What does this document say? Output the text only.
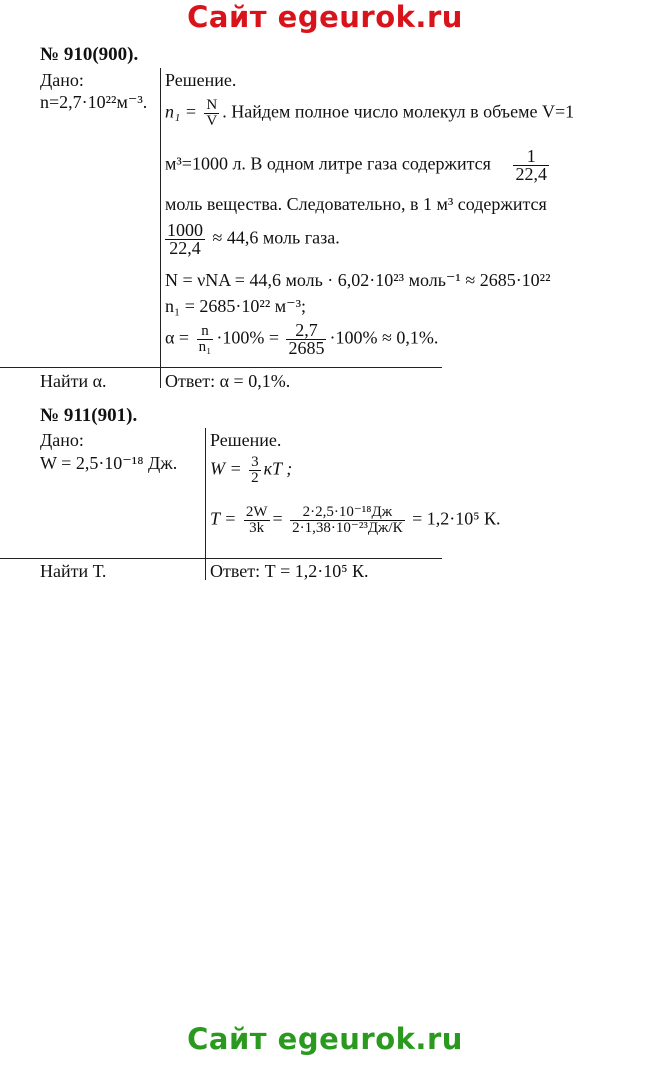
Сайт egeurok.ru
№ 910(900).
Дано:
n=2,7·10²²м⁻³.
Решение.
$n_1 = \frac{N}{V}$ . Найдем полное число молекул в объеме V=1
м³=1000 л. В одном литре газа содержится $\frac{1}{22,4}$
моль вещества. Следовательно, в 1 м³ содержится
$\frac{1000}{22,4} \approx 44,6$ моль газа.
N = νNA = 44,6 моль · 6,02·10²³ моль⁻¹ ≈ 2685·10²²
n₁ = 2685·10²² м⁻³;
$\alpha = \frac{n}{\text{n₁}} \cdot 100\% = \frac{2,7}{2685} \cdot 100\% \approx 0,1\%$.
Найти α.	Ответ: α = 0,1%.
№ 911(901).
Дано:
W = 2,5·10⁻¹⁸ Дж.
Решение.
$W = \frac{3}{2}$ кT ;
$T = \frac{2W}{3k} = \frac{\text{2·2,5·10⁻¹⁸Дж}}{\text{2·1,38·10⁻²³Дж/К}} = 1,2\cdot 10^5$ К.
Найти Т.	Ответ: Т = 1,2·10⁵ К.
Сайт egeurok.ru
